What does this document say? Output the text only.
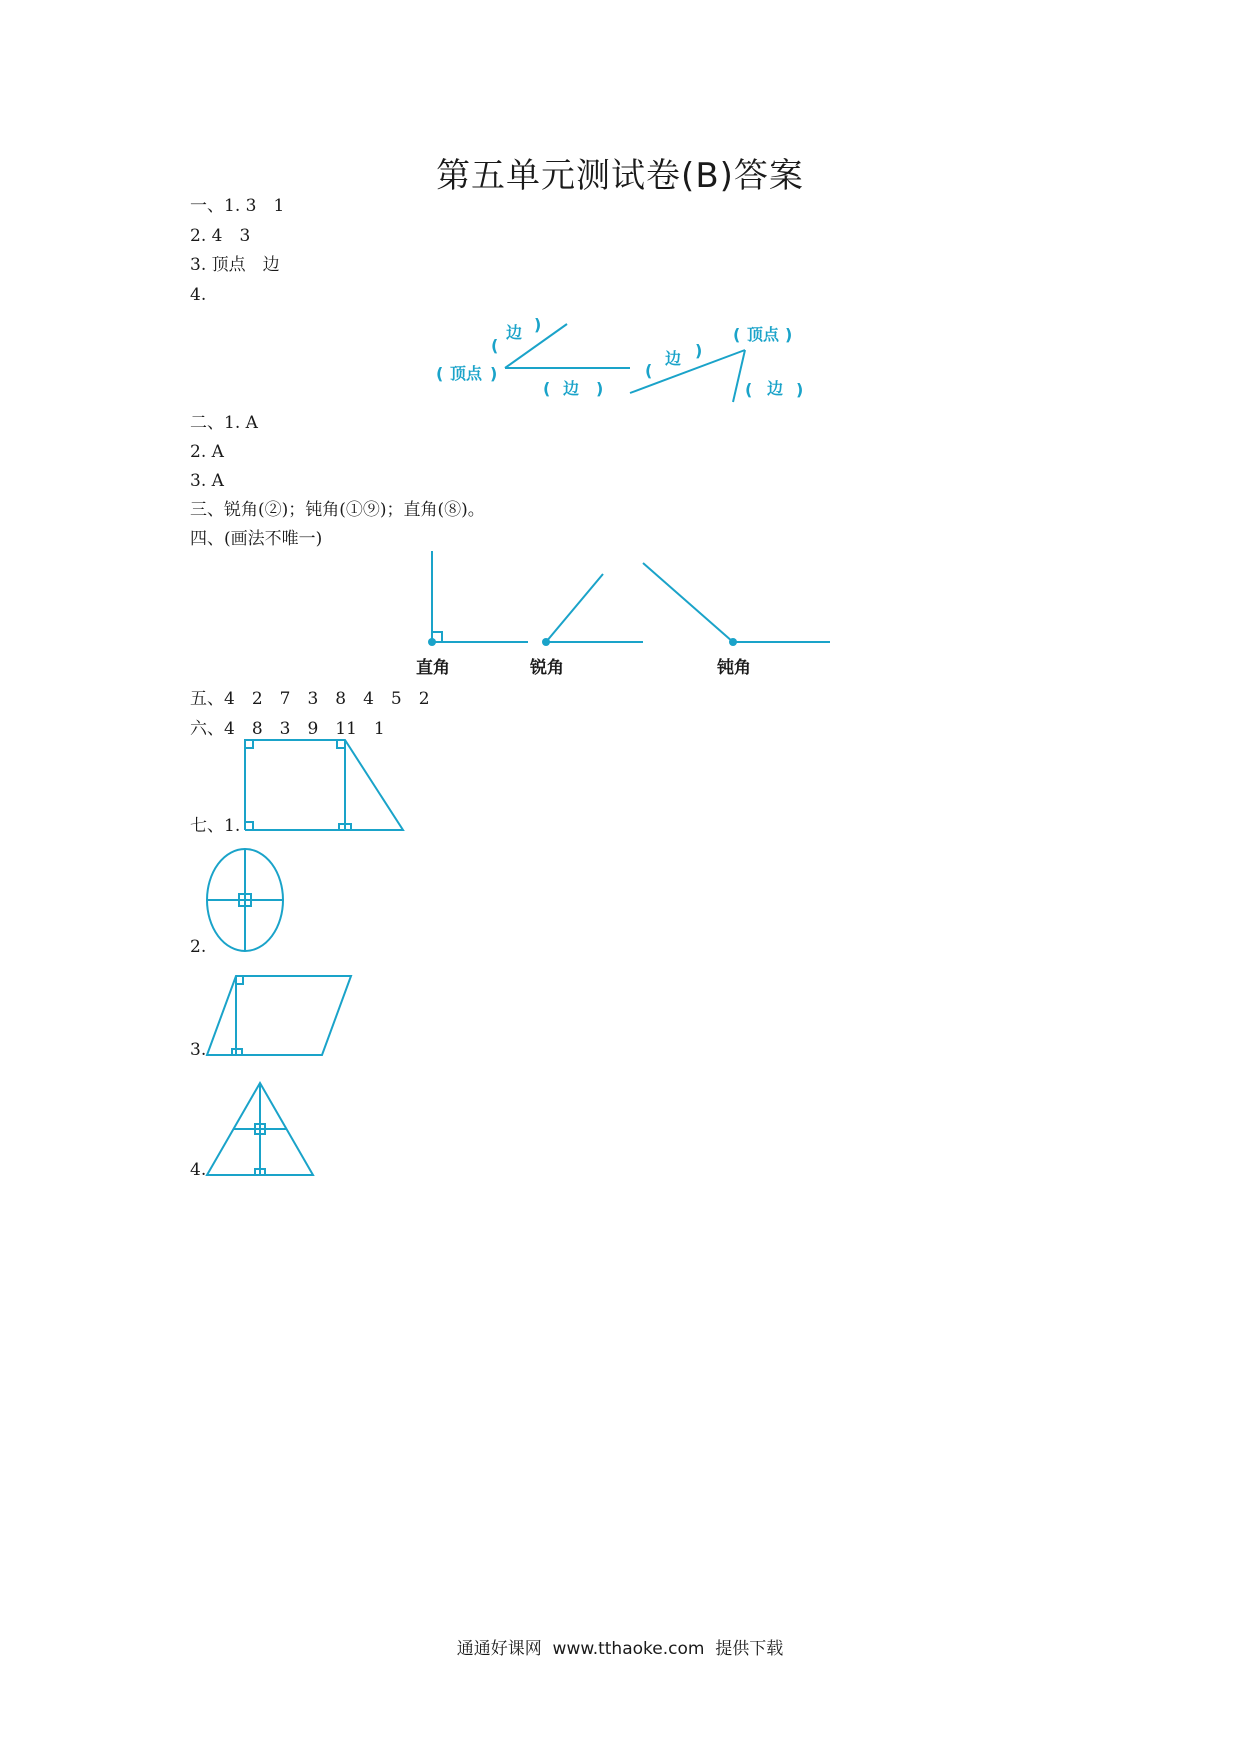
第五单元测试卷(B)答案
一、1. 3　1
2. 4　3
3. 顶点　边
4.
二、1. A
2. A
3. A
三、锐角(②)；钝角(①⑨)；直角(⑧)。
四、(画法不唯一)
五、4　2　7　3　8　4　5　2
六、4　8　3　9　11　1
七、1.
2.
3.
4.
(
边 )
( 顶点 )
( 边 )
(
边 )
( 顶点 )
( 边 )
直角	锐角	钝角
通通好课网  www.tthaoke.com  提供下载
